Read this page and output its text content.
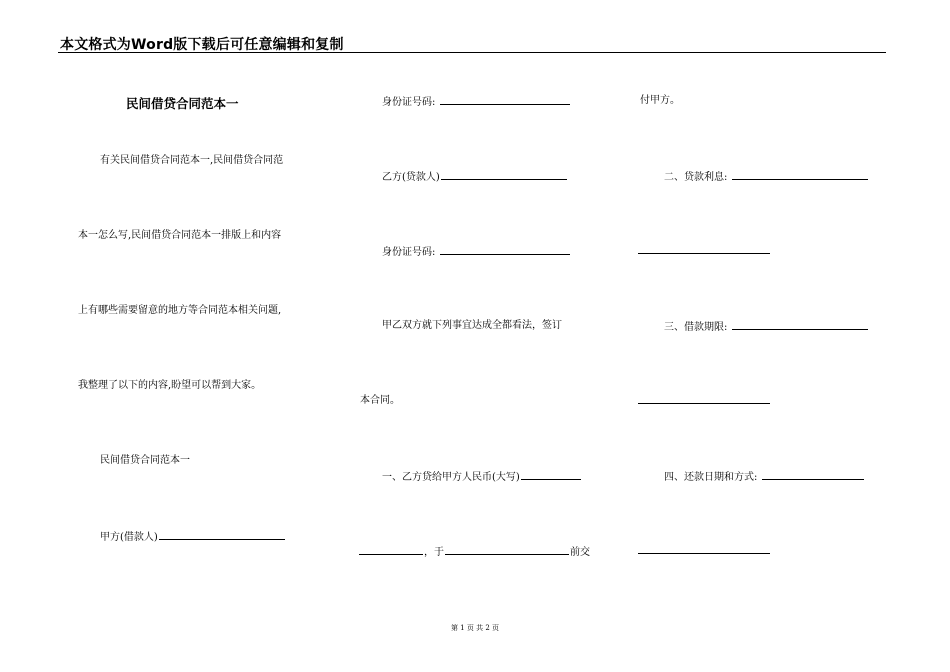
本文格式为Word版下载后可任意编辑和复制
民间借贷合同范本一
有关民间借贷合同范本一,民间借贷合同范
本一怎么写,民间借贷合同范本一排版上和内容
上有哪些需要留意的地方等合同范本相关问题,
我整理了以下的内容,盼望可以帮到大家。
民间借贷合同范本一
甲方(借款人)
身份证号码:
乙方(贷款人)
身份证号码:
甲乙双方就下列事宜达成全都看法，签订
本合同。
一、乙方贷给甲方人民币(大写)
，于	前交
付甲方。
二、贷款利息:
三、借款期限:
四、还款日期和方式:
第 1 页 共 2 页
